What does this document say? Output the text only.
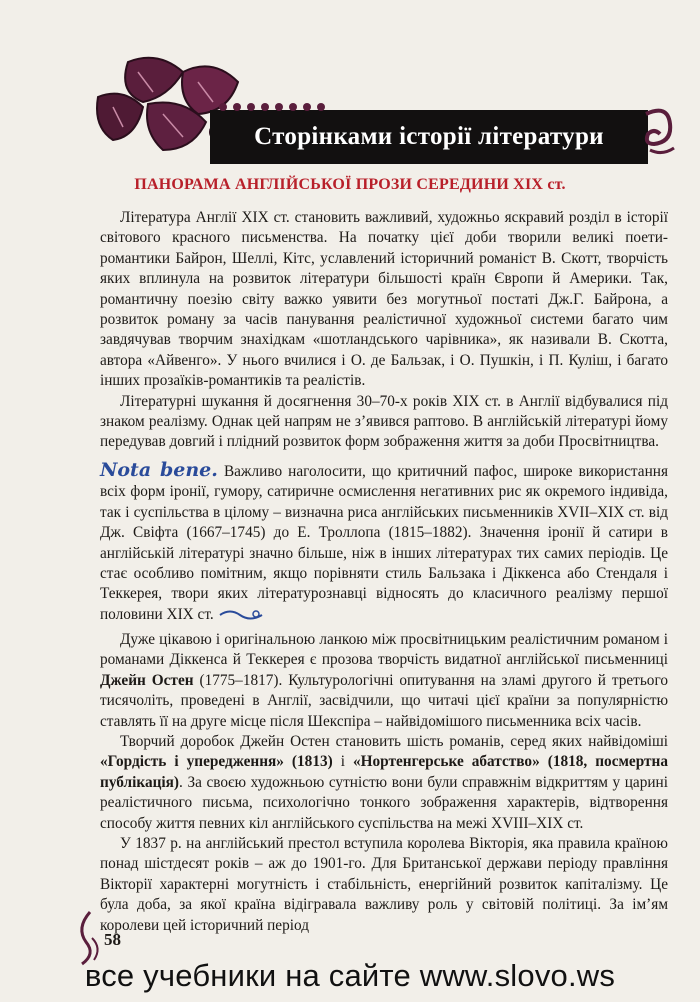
Сторінками історії літератури
ПАНОРАМА АНГЛІЙСЬКОЇ ПРОЗИ СЕРЕДИНИ XIX ст.

Література Англії XIX ст. становить важливий, художньо яскравий розділ в історії світового красного письменства. На початку цієї доби творили великі поети-романтики Байрон, Шеллі, Кітс, уславлений історичний романіст В. Скотт, творчість яких вплинула на розвиток літератури більшості країн Європи й Америки. Так, романтичну поезію світу важко уявити без могутньої постаті Дж.Г. Байрона, а розвиток роману за часів панування реалістичної художньої системи багато чим завдячував творчим знахідкам «шотландського чарівника», як називали В. Скотта, автора «Айвенго». У нього вчилися і О. де Бальзак, і О. Пушкін, і П. Куліш, і багато інших прозаїків-романтиків та реалістів.

Літературні шукання й досягнення 30–70-х років XIX ст. в Англії відбувалися під знаком реалізму. Однак цей напрям не з’явився раптово. В англійській літературі йому передував довгий і плідний розвиток форм зображення життя за доби Просвітництва.

Nota bene. Важливо наголосити, що критичний пафос, широке використання всіх форм іронії, гумору, сатиричне осмислення негативних рис як окремого індивіда, так і суспільства в цілому – визначна риса англійських письменників XVII–XIX ст. від Дж. Свіфта (1667–1745) до Е. Троллопа (1815–1882). Значення іронії й сатири в англійській літературі значно більше, ніж в інших літературах тих самих періодів. Це стає особливо помітним, якщо порівняти стиль Бальзака і Діккенса або Стендаля і Теккерея, твори яких літературознавці відносять до класичного реалізму першої половини XIX ст.

Дуже цікавою і оригінальною ланкою між просвітницьким реалістичним романом і романами Діккенса й Теккерея є прозова творчість видатної англійської письменниці Джейн Остен (1775–1817). Культурологічні опитування на зламі другого й третього тисячоліть, проведені в Англії, засвідчили, що читачі цієї країни за популярністю ставлять її на друге місце після Шекспіра – найвідомішого письменника всіх часів.

Творчий доробок Джейн Остен становить шість романів, серед яких найвідоміші «Гордість і упередження» (1813) і «Нортенгерське абатство» (1818, посмертна публікація). За своєю художньою сутністю вони були справжнім відкриттям у царині реалістичного письма, психологічно тонкого зображення характерів, відтворення способу життя певних кіл англійського суспільства на межі XVIII–XIX ст.

У 1837 р. на англійський престол вступила королева Вікторія, яка правила країною понад шістдесят років – аж до 1901-го. Для Британської держави періоду правління Вікторії характерні могутність і стабільність, енергійний розвиток капіталізму. Це була доба, за якої країна відігравала важливу роль у світовій політиці. За ім’ям королеви цей історичний період

58
все учебники на сайте www.slovo.ws
